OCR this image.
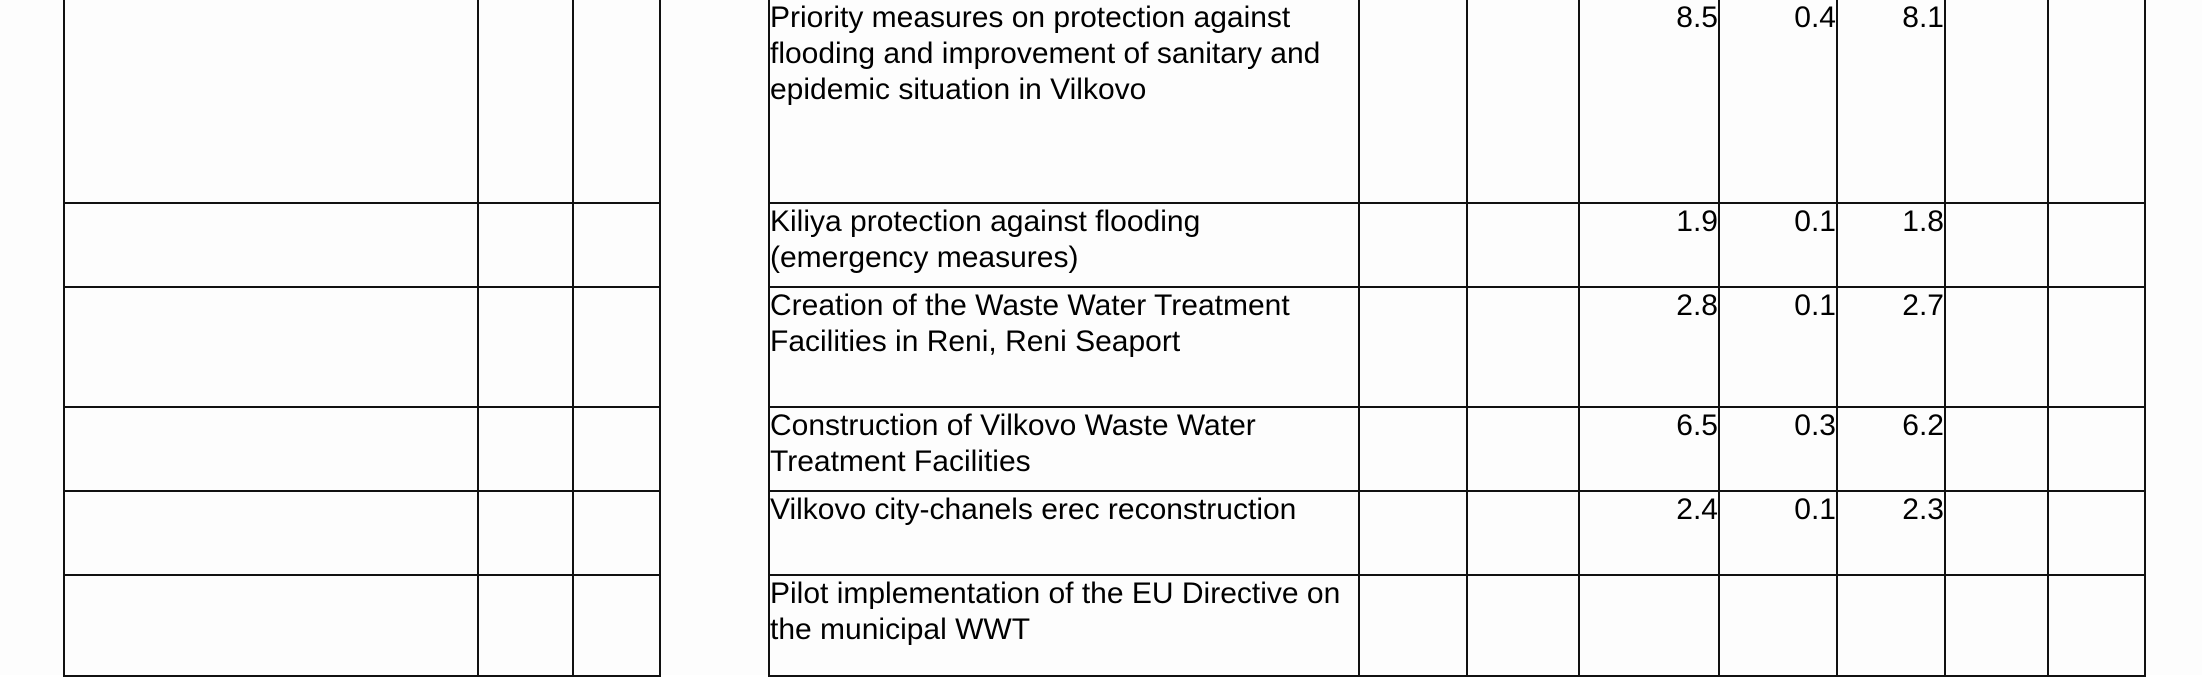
Priority measures on protection against flooding and improvement of sanitary and epidemic situation in Vilkovo			8.5	0.4	8.1		
Kiliya protection against flooding (emergency measures)			1.9	0.1	1.8		
Creation of the Waste Water Treatment Facilities in Reni, Reni Seaport			2.8	0.1	2.7		
Construction of Vilkovo Waste Water Treatment Facilities			6.5	0.3	6.2		
Vilkovo city-chanels erec reconstruction			2.4	0.1	2.3		
Pilot implementation of the EU Directive on the municipal WWT							
